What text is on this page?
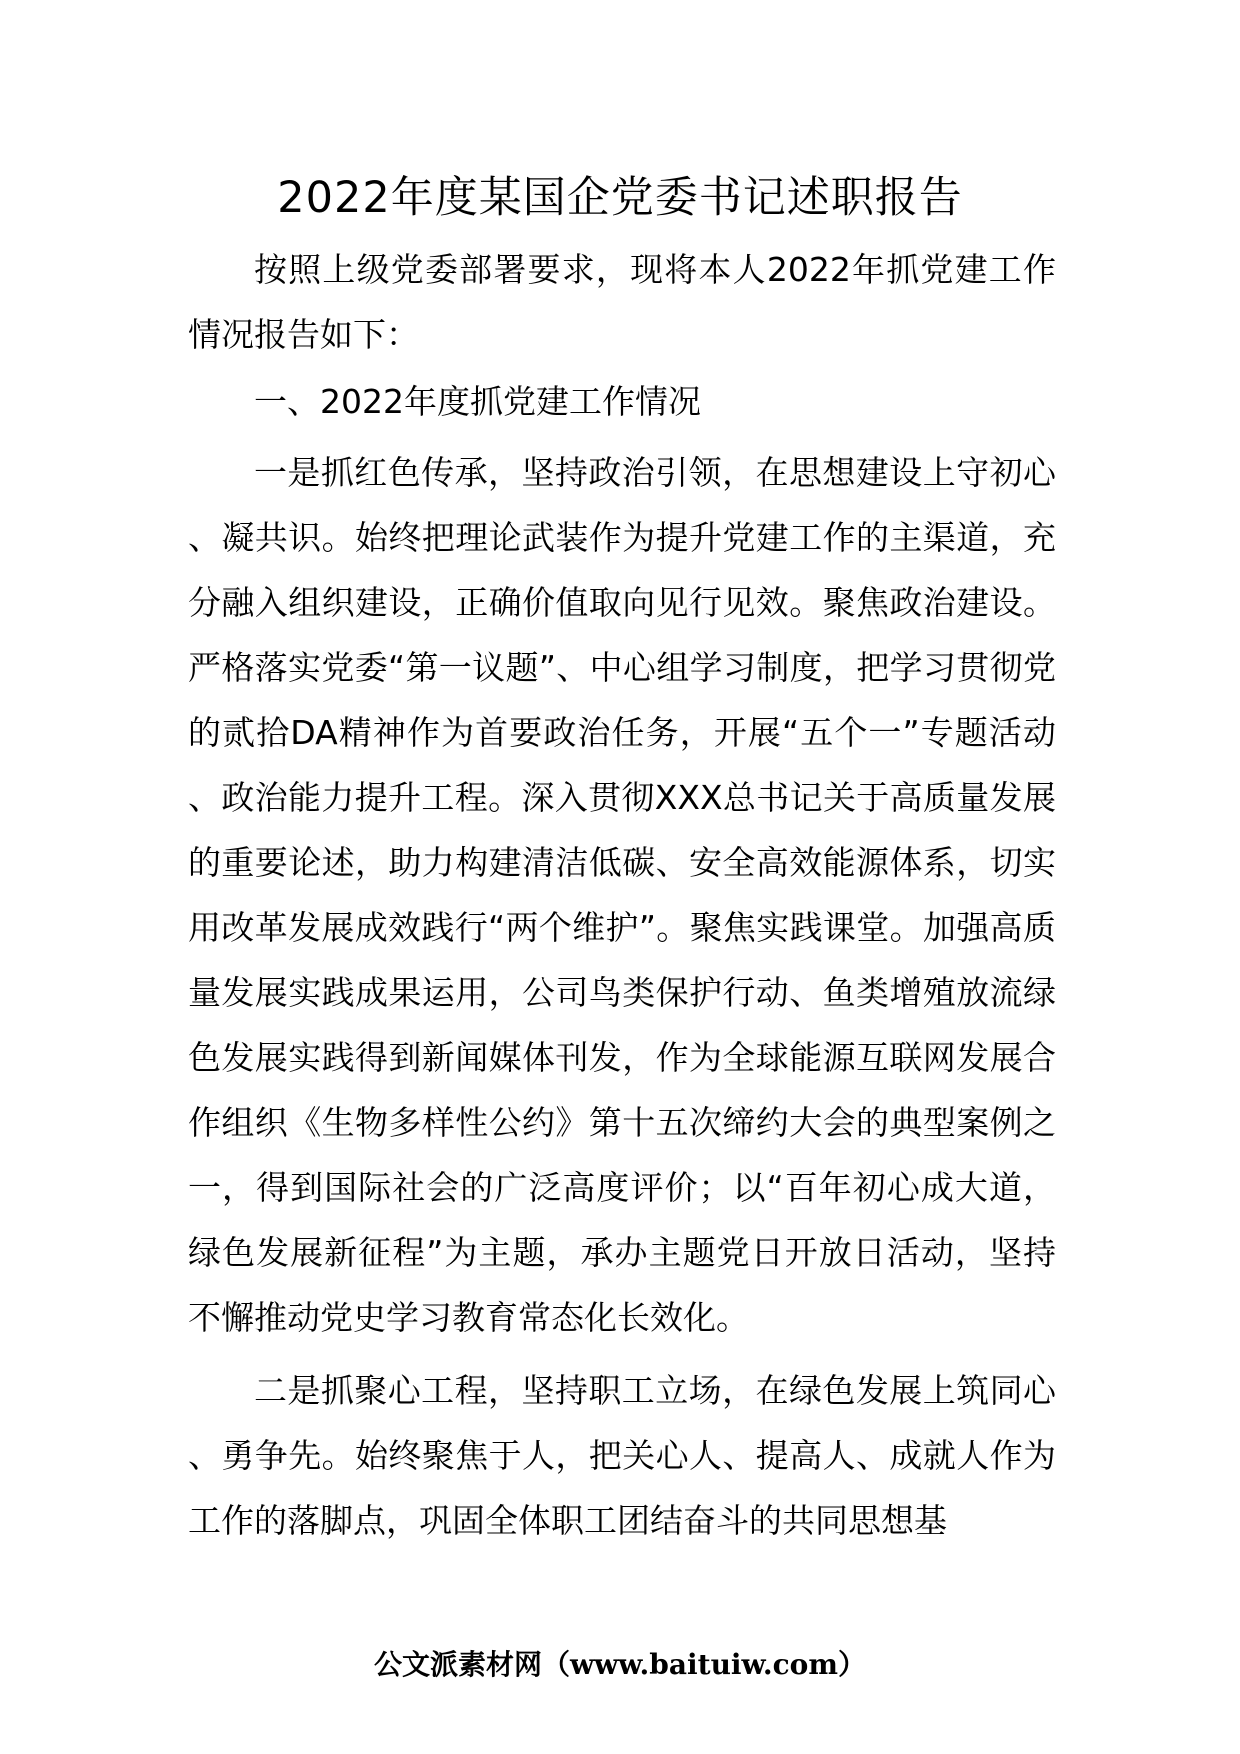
2022年度某国企党委书记述职报告

按照上级党委部署要求，现将本人2022年抓党建工作情况报告如下：

一、2022年度抓党建工作情况

一是抓红色传承，坚持政治引领，在思想建设上守初心、凝共识。始终把理论武装作为提升党建工作的主渠道，充分融入组织建设，正确价值取向见行见效。聚焦政治建设。严格落实党委“第一议题”、中心组学习制度，把学习贯彻党的贰拾DA精神作为首要政治任务，开展“五个一”专题活动、政治能力提升工程。深入贯彻XXX总书记关于高质量发展的重要论述，助力构建清洁低碳、安全高效能源体系，切实用改革发展成效践行“两个维护”。聚焦实践课堂。加强高质量发展实践成果运用，公司鸟类保护行动、鱼类增殖放流绿色发展实践得到新闻媒体刊发，作为全球能源互联网发展合作组织《生物多样性公约》第十五次缔约大会的典型案例之一，得到国际社会的广泛高度评价；以“百年初心成大道，绿色发展新征程”为主题，承办主题党日开放日活动，坚持不懈推动党史学习教育常态化长效化。

二是抓聚心工程，坚持职工立场，在绿色发展上筑同心、勇争先。始终聚焦于人，把关心人、提高人、成就人作为工作的落脚点，巩固全体职工团结奋斗的共同思想基

公文派素材网（www.baituiw.com）
